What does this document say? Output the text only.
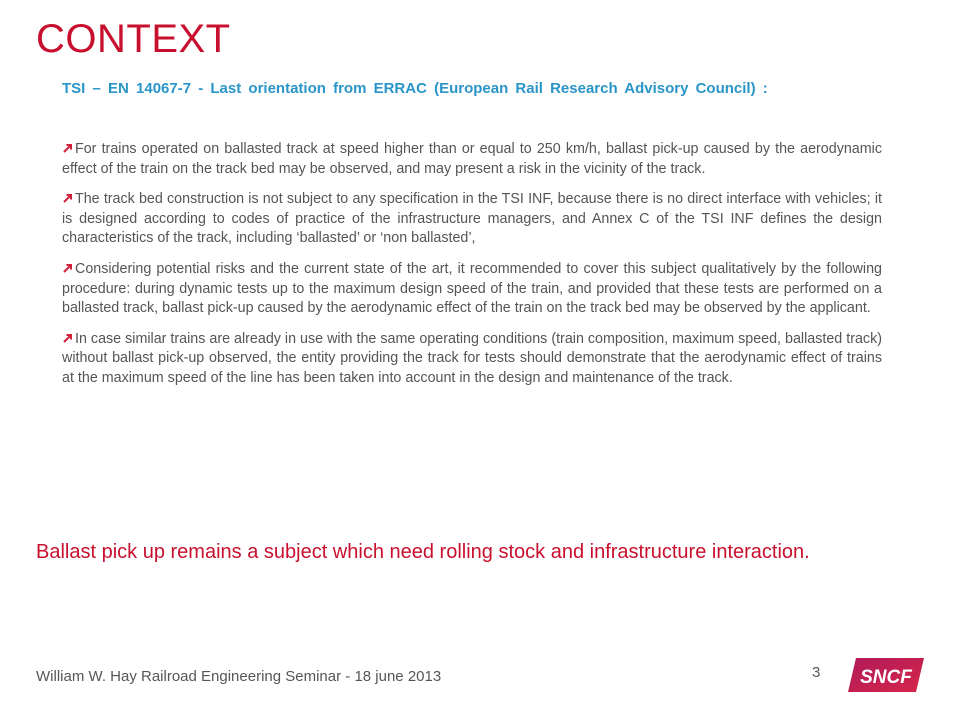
CONTEXT
TSI – EN 14067-7 - Last orientation from ERRAC (European Rail Research Advisory Council) :
For trains operated on ballasted track at speed higher than or equal to 250 km/h, ballast pick-up caused by the aerodynamic effect of the train on the track bed may be observed, and may present a risk in the vicinity of the track.
The track bed construction is not subject to any specification in the TSI INF, because there is no direct interface with vehicles; it is designed according to codes of practice of the infrastructure managers, and Annex C of the TSI INF defines the design characteristics of the track, including ‘ballasted’ or ‘non ballasted’,
Considering potential risks and the current state of the art, it recommended to cover this subject qualitatively by the following procedure: during dynamic tests up to the maximum design speed of the train, and provided that these tests are performed on a ballasted track, ballast pick-up caused by the aerodynamic effect of the train on the track bed may be observed by the applicant.
In case similar trains are already in use with the same operating conditions (train composition, maximum speed, ballasted track) without ballast pick-up observed, the entity providing the track for tests should demonstrate that the aerodynamic effect of trains at the maximum speed of the line has been taken into account in the design and maintenance of the track.
Ballast pick up remains a subject which need rolling stock and infrastructure interaction.
William W. Hay Railroad Engineering Seminar - 18 june 2013	3 SNCF
